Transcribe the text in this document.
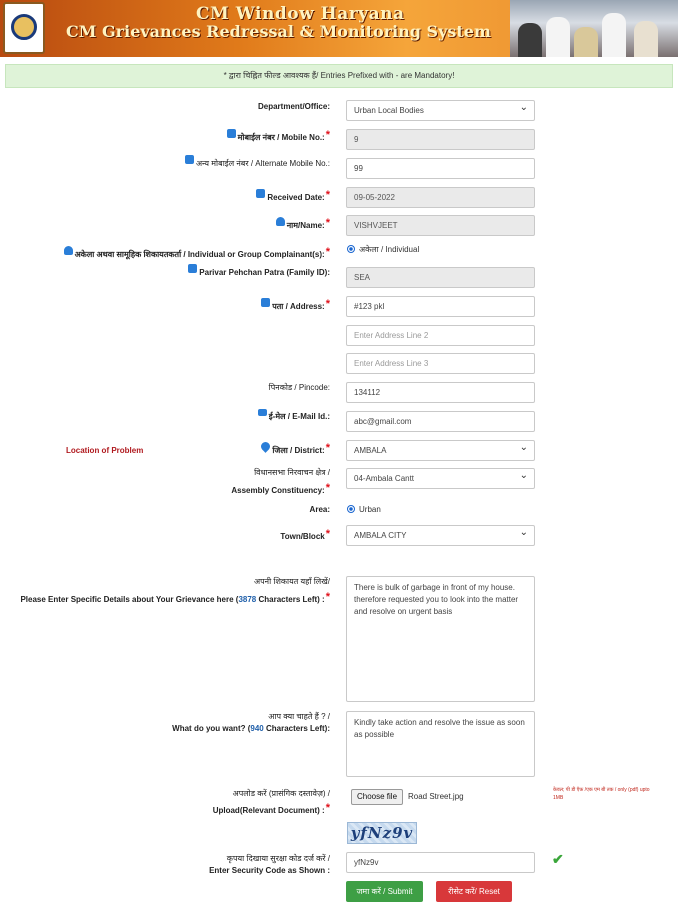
CM Window Haryana
CM Grievances Redressal & Monitoring System
* द्वारा चिह्नित फील्ड आवश्यक हैं/ Entries Prefixed with - are Mandatory!
Department/Office:	Urban Local Bodies ⌄
मोबाईल नंबर / Mobile No.:*	9
अन्य मोबाईल नंबर / Alternate Mobile No.:
99
Received Date:*	09-05-2022
नाम/Name:*	VISHVJEET
अकेला अथवा सामूहिक शिकायतकर्ता / Individual or Group Complainant(s):*	अकेला / Individual
Parivar Pehchan Patra (Family ID):
SEA
पता / Address:*	#123 pkl
Enter Address Line 2
Enter Address Line 3
पिनकोड / Pincode:
134112
ई-मेल / E-Mail Id.:
abc@gmail.com
Location of Problem	जिला / District:*	AMBALA ⌄
विधानसभा निरवाचन क्षेत्र /
Assembly Constituency:*
04-Ambala Cantt ⌄
Area:	Urban
Town/Block*	AMBALA CITY ⌄
अपनी शिकायत यहाँ लिखें/
Please Enter Specific Details about Your Grievance here (3878 Characters Left) :*
There is bulk of garbage in front of my house. therefore requested you to look into the matter and resolve on urgent basis
आप क्या चाहते हैं ? /
What do you want? (940 Characters Left):
Kindly take action and resolve the issue as soon as possible
अपलोड करें (प्रासंगिक दस्तावेज़) /
Upload(Relevant Document) :*
Choose file	Road Street.jpg
केवल; पी डी ऍफ़ /एक एम बी तक / only (pdf) upto 1MB
yfNz9v
कृपया दिखाया सुरक्षा कोड दर्ज करें /
Enter Security Code as Shown :
yfNz9v	✔
जमा करें / Submit	रीसेट करें/ Reset
